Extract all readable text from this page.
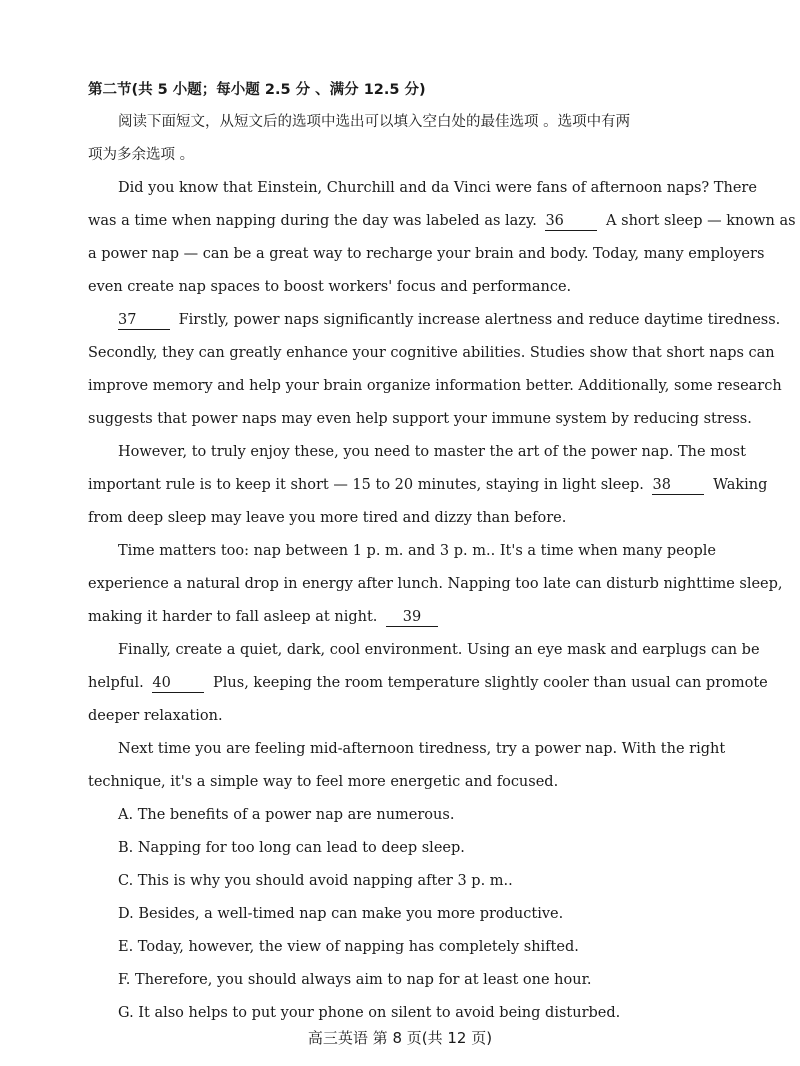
第二节(共 5 小题；每小题 2.5 分 、满分 12.5 分)
阅读下面短文，从短文后的选项中选出可以填入空白处的最佳选项 。选项中有两
项为多余选项 。
Did you know that Einstein, Churchill and da Vinci were fans of afternoon naps? There
was a time when napping during the day was labeled as lazy. 36	A short sleep — known as
a power nap — can be a great way to recharge your brain and body. Today, many employers
even create nap spaces to boost workers' focus and performance.
37	Firstly, power naps significantly increase alertness and reduce daytime tiredness.
Secondly, they can greatly enhance your cognitive abilities. Studies show that short naps can
improve memory and help your brain organize information better. Additionally, some research
suggests that power naps may even help support your immune system by reducing stress.
However, to truly enjoy these, you need to master the art of the power nap. The most
important rule is to keep it short — 15 to 20 minutes, staying in light sleep. 38	Waking
from deep sleep may leave you more tired and dizzy than before.
Time matters too: nap between 1 p. m. and 3 p. m.. It's a time when many people
experience a natural drop in energy after lunch. Napping too late can disturb nighttime sleep,
making it harder to fall asleep at night. 39
Finally, create a quiet, dark, cool environment. Using an eye mask and earplugs can be
helpful. 40	Plus, keeping the room temperature slightly cooler than usual can promote
deeper relaxation.
Next time you are feeling mid-afternoon tiredness, try a power nap. With the right
technique, it's a simple way to feel more energetic and focused.
A. The benefits of a power nap are numerous.
B. Napping for too long can lead to deep sleep.
C. This is why you should avoid napping after 3 p. m..
D. Besides, a well-timed nap can make you more productive.
E. Today, however, the view of napping has completely shifted.
F. Therefore, you should always aim to nap for at least one hour.
G. It also helps to put your phone on silent to avoid being disturbed.
高三英语 第 8 页(共 12 页)
